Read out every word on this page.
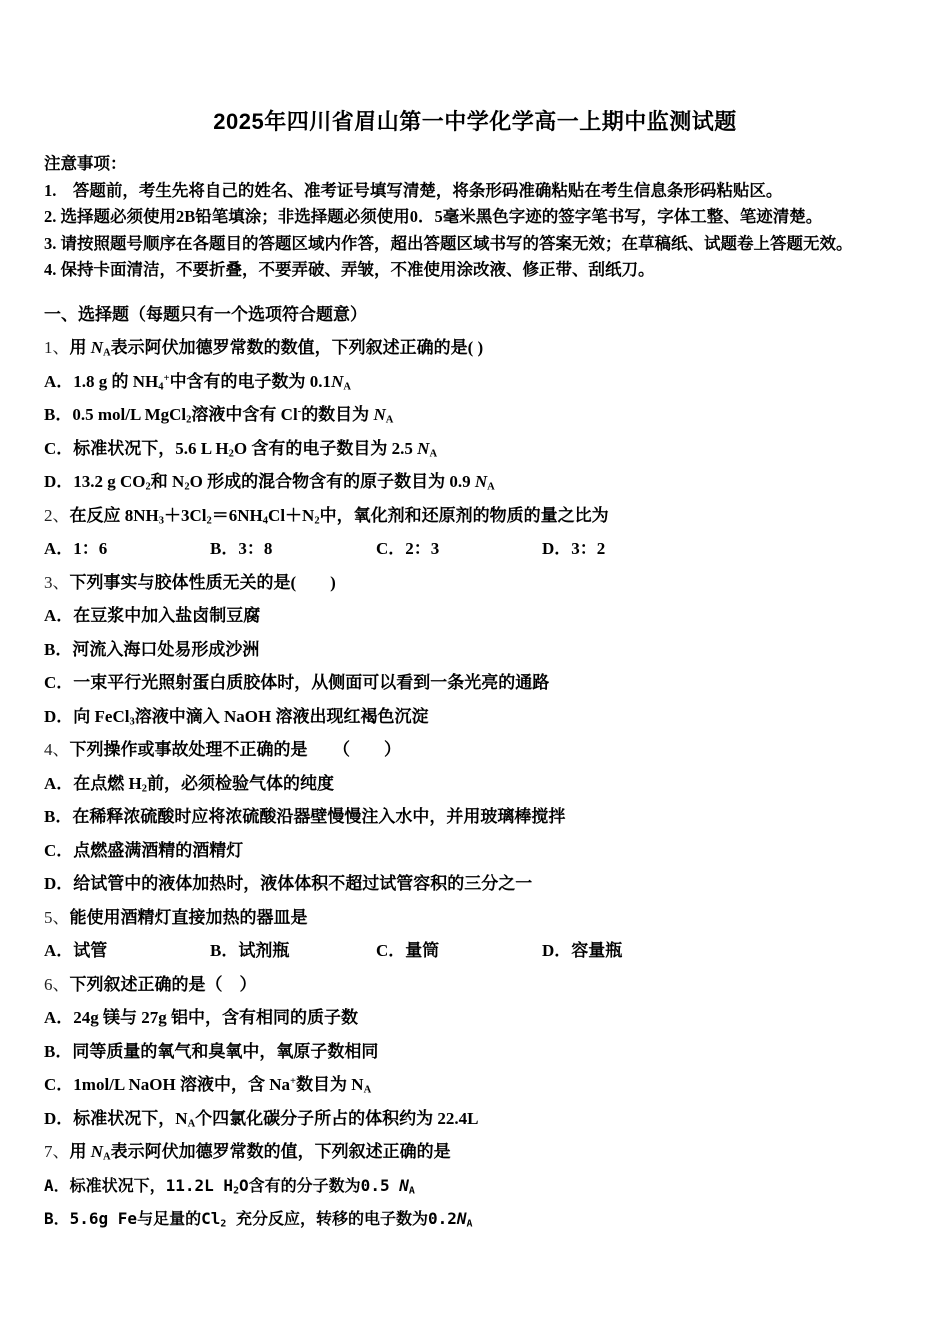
2025年四川省眉山第一中学化学高一上期中监测试题
注意事项：
1.　答题前，考生先将自己的姓名、准考证号填写清楚，将条形码准确粘贴在考生信息条形码粘贴区。
2. 选择题必须使用2B铅笔填涂；非选择题必须使用0．5毫米黑色字迹的签字笔书写，字体工整、笔迹清楚。
3. 请按照题号顺序在各题目的答题区域内作答，超出答题区域书写的答案无效；在草稿纸、试题卷上答题无效。
4. 保持卡面清洁，不要折叠，不要弄破、弄皱，不准使用涂改液、修正带、刮纸刀。
一、选择题（每题只有一个选项符合题意）
1、用 $N_A$表示阿伏加德罗常数的数值，下列叙述正确的是( )
A．1.8 g 的 $NH_4^+$中含有的电子数为 $0.1N_A$
B．0.5 mol/L MgCl$_2$溶液中含有 Cl-的数目为 $N_A$
C．标准状况下，5.6 L $H_2O$ 含有的电子数目为 2.5 $N_A$
D．13.2 g $CO_2$和 $N_2O$ 形成的混合物含有的原子数目为 0.9 $N_A$
2、在反应 $8NH_3+3Cl_2=6NH_4Cl+N_2$中，氧化剂和还原剂的物质的量之比为
A．1：6	B．3：8	C．2：3	D．3：2
3、下列事实与胶体性质无关的是(　　)
A．在豆浆中加入盐卤制豆腐
B．河流入海口处易形成沙洲
C．一束平行光照射蛋白质胶体时，从侧面可以看到一条光亮的通路
D．向 FeCl$_3$溶液中滴入 NaOH 溶液出现红褐色沉淀
4、下列操作或事故处理不正确的是　　（　　）
A．在点燃 $H_2$前，必须检验气体的纯度
B．在稀释浓硫酸时应将浓硫酸沿器壁慢慢注入水中，并用玻璃棒搅拌
C．点燃盛满酒精的酒精灯
D．给试管中的液体加热时，液体体积不超过试管容积的三分之一
5、能使用酒精灯直接加热的器皿是
A．试管	B．试剂瓶	C．量筒	D．容量瓶
6、下列叙述正确的是（　）
A．24g 镁与 27g 铝中，含有相同的质子数
B．同等质量的氧气和臭氧中，氧原子数相同
C．1mol/L NaOH 溶液中，含 Na+数目为 $N_A$
D．标准状况下，$N_A$个四氯化碳分子所占的体积约为 22.4L
7、用 $N_A$表示阿伏加德罗常数的值，下列叙述正确的是
A．标准状况下，11.2L $H_2O$含有的分子数为0.5 $N_A$
B．5.6g Fe与足量的$Cl_2$ 充分反应，转移的电子数为$0.2N_A$
